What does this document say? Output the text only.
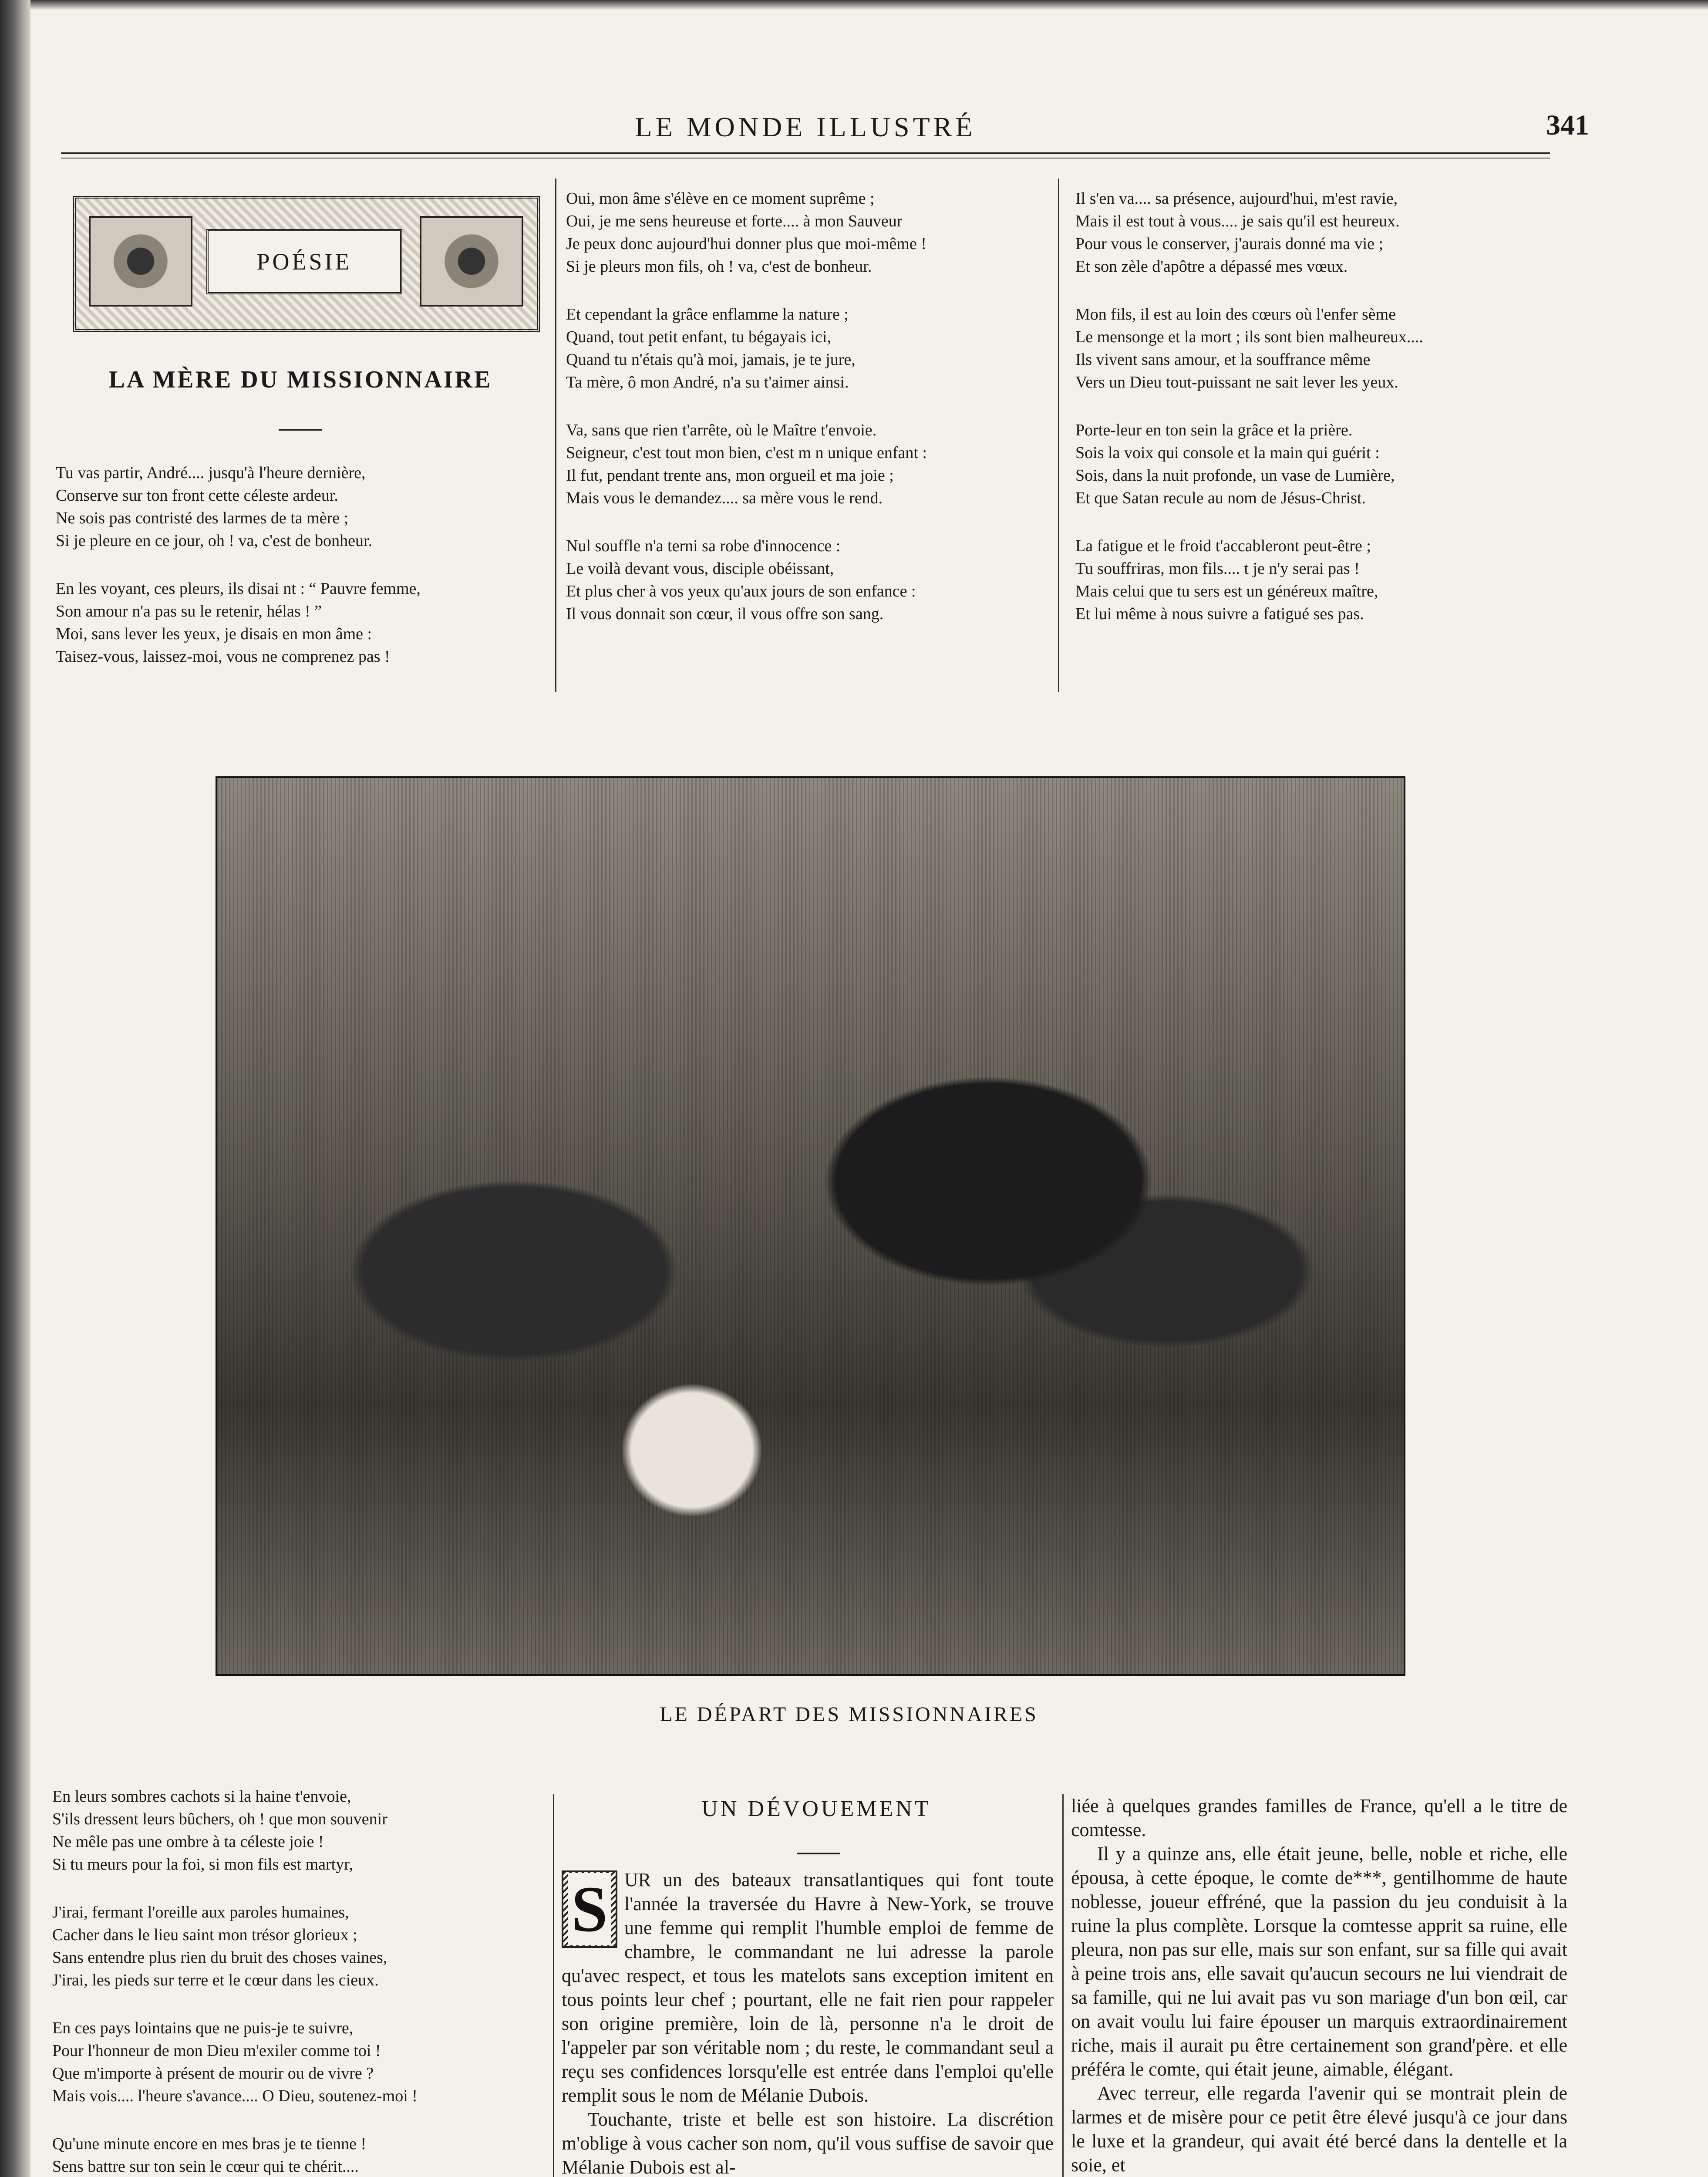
LE MONDE ILLUSTRÉ	341
POÉSIE
LA MÈRE DU MISSIONNAIRE
Tu vas partir, André.... jusqu'à l'heure dernière,
Conserve sur ton front cette céleste ardeur.
Ne sois pas contristé des larmes de ta mère ;
Si je pleure en ce jour, oh ! va, c'est de bonheur.
En les voyant, ces pleurs, ils disai nt : “ Pauvre femme,
Son amour n'a pas su le retenir, hélas ! ”
Moi, sans lever les yeux, je disais en mon âme :
Taisez-vous, laissez-moi, vous ne comprenez pas !
Oui, mon âme s'élève en ce moment suprême ;
Oui, je me sens heureuse et forte.... à mon Sauveur
Je peux donc aujourd'hui donner plus que moi-même !
Si je pleurs mon fils, oh ! va, c'est de bonheur.
Et cependant la grâce enflamme la nature ;
Quand, tout petit enfant, tu bégayais ici,
Quand tu n'étais qu'à moi, jamais, je te jure,
Ta mère, ô mon André, n'a su t'aimer ainsi.
Va, sans que rien t'arrête, où le Maître t'envoie.
Seigneur, c'est tout mon bien, c'est m n unique enfant :
Il fut, pendant trente ans, mon orgueil et ma joie ;
Mais vous le demandez.... sa mère vous le rend.
Nul souffle n'a terni sa robe d'innocence :
Le voilà devant vous, disciple obéissant,
Et plus cher à vos yeux qu'aux jours de son enfance :
Il vous donnait son cœur, il vous offre son sang.
Il s'en va.... sa présence, aujourd'hui, m'est ravie,
Mais il est tout à vous.... je sais qu'il est heureux.
Pour vous le conserver, j'aurais donné ma vie ;
Et son zèle d'apôtre a dépassé mes vœux.
Mon fils, il est au loin des cœurs où l'enfer sème
Le mensonge et la mort ; ils sont bien malheureux....
Ils vivent sans amour, et la souffrance même
Vers un Dieu tout-puissant ne sait lever les yeux.
Porte-leur en ton sein la grâce et la prière.
Sois la voix qui console et la main qui guérit :
Sois, dans la nuit profonde, un vase de Lumière,
Et que Satan recule au nom de Jésus-Christ.
La fatigue et le froid t'accableront peut-être ;
Tu souffriras, mon fils.... t je n'y serai pas !
Mais celui que tu sers est un généreux maître,
Et lui même à nous suivre a fatigué ses pas.
LE DÉPART DES MISSIONNAIRES
En leurs sombres cachots si la haine t'envoie,
S'ils dressent leurs bûchers, oh ! que mon souvenir
Ne mêle pas une ombre à ta céleste joie !
Si tu meurs pour la foi, si mon fils est martyr,
J'irai, fermant l'oreille aux paroles humaines,
Cacher dans le lieu saint mon trésor glorieux ;
Sans entendre plus rien du bruit des choses vaines,
J'irai, les pieds sur terre et le cœur dans les cieux.
En ces pays lointains que ne puis-je te suivre,
Pour l'honneur de mon Dieu m'exiler comme toi !
Que m'importe à présent de mourir ou de vivre ?
Mais vois.... l'heure s'avance.... O Dieu, soutenez-moi !
Qu'une minute encore en mes bras je te tienne !
Sens battre sur ton sein le cœur qui te chérit....
UN DÉVOUEMENT

S UR un des bateaux transatlantiques qui font toute l'année la traversée du Havre à New-York, se trouve une femme qui remplit l'humble emploi de femme de chambre, le commandant ne lui adresse la parole qu'avec respect, et tous les matelots sans exception imitent en tous points leur chef ; pourtant, elle ne fait rien pour rappeler son origine première, loin de là, personne n'a le droit de l'appeler par son véritable nom ; du reste, le commandant seul a reçu ses confidences lorsqu'elle est entrée dans l'emploi qu'elle remplit sous le nom de Mélanie Dubois.

Touchante, triste et belle est son histoire. La discrétion m'oblige à vous cacher son nom, qu'il vous suffise de savoir que Mélanie Dubois est al-

liée à quelques grandes familles de France, qu'ell a le titre de comtesse.

Il y a quinze ans, elle était jeune, belle, noble et riche, elle épousa, à cette époque, le comte de***, gentilhomme de haute noblesse, joueur effréné, que la passion du jeu conduisit à la ruine la plus complète. Lorsque la comtesse apprit sa ruine, elle pleura, non pas sur elle, mais sur son enfant, sur sa fille qui avait à peine trois ans, elle savait qu'aucun secours ne lui viendrait de sa famille, qui ne lui avait pas vu son mariage d'un bon œil, car on avait voulu lui faire épouser un marquis extraordinairement riche, mais il aurait pu être certainement son grand'père. et elle préféra le comte, qui était jeune, aimable, élégant.

Avec terreur, elle regarda l'avenir qui se montrait plein de larmes et de misère pour ce petit être élevé jusqu'à ce jour dans le luxe et la grandeur, qui avait été bercé dans la dentelle et la soie, et
